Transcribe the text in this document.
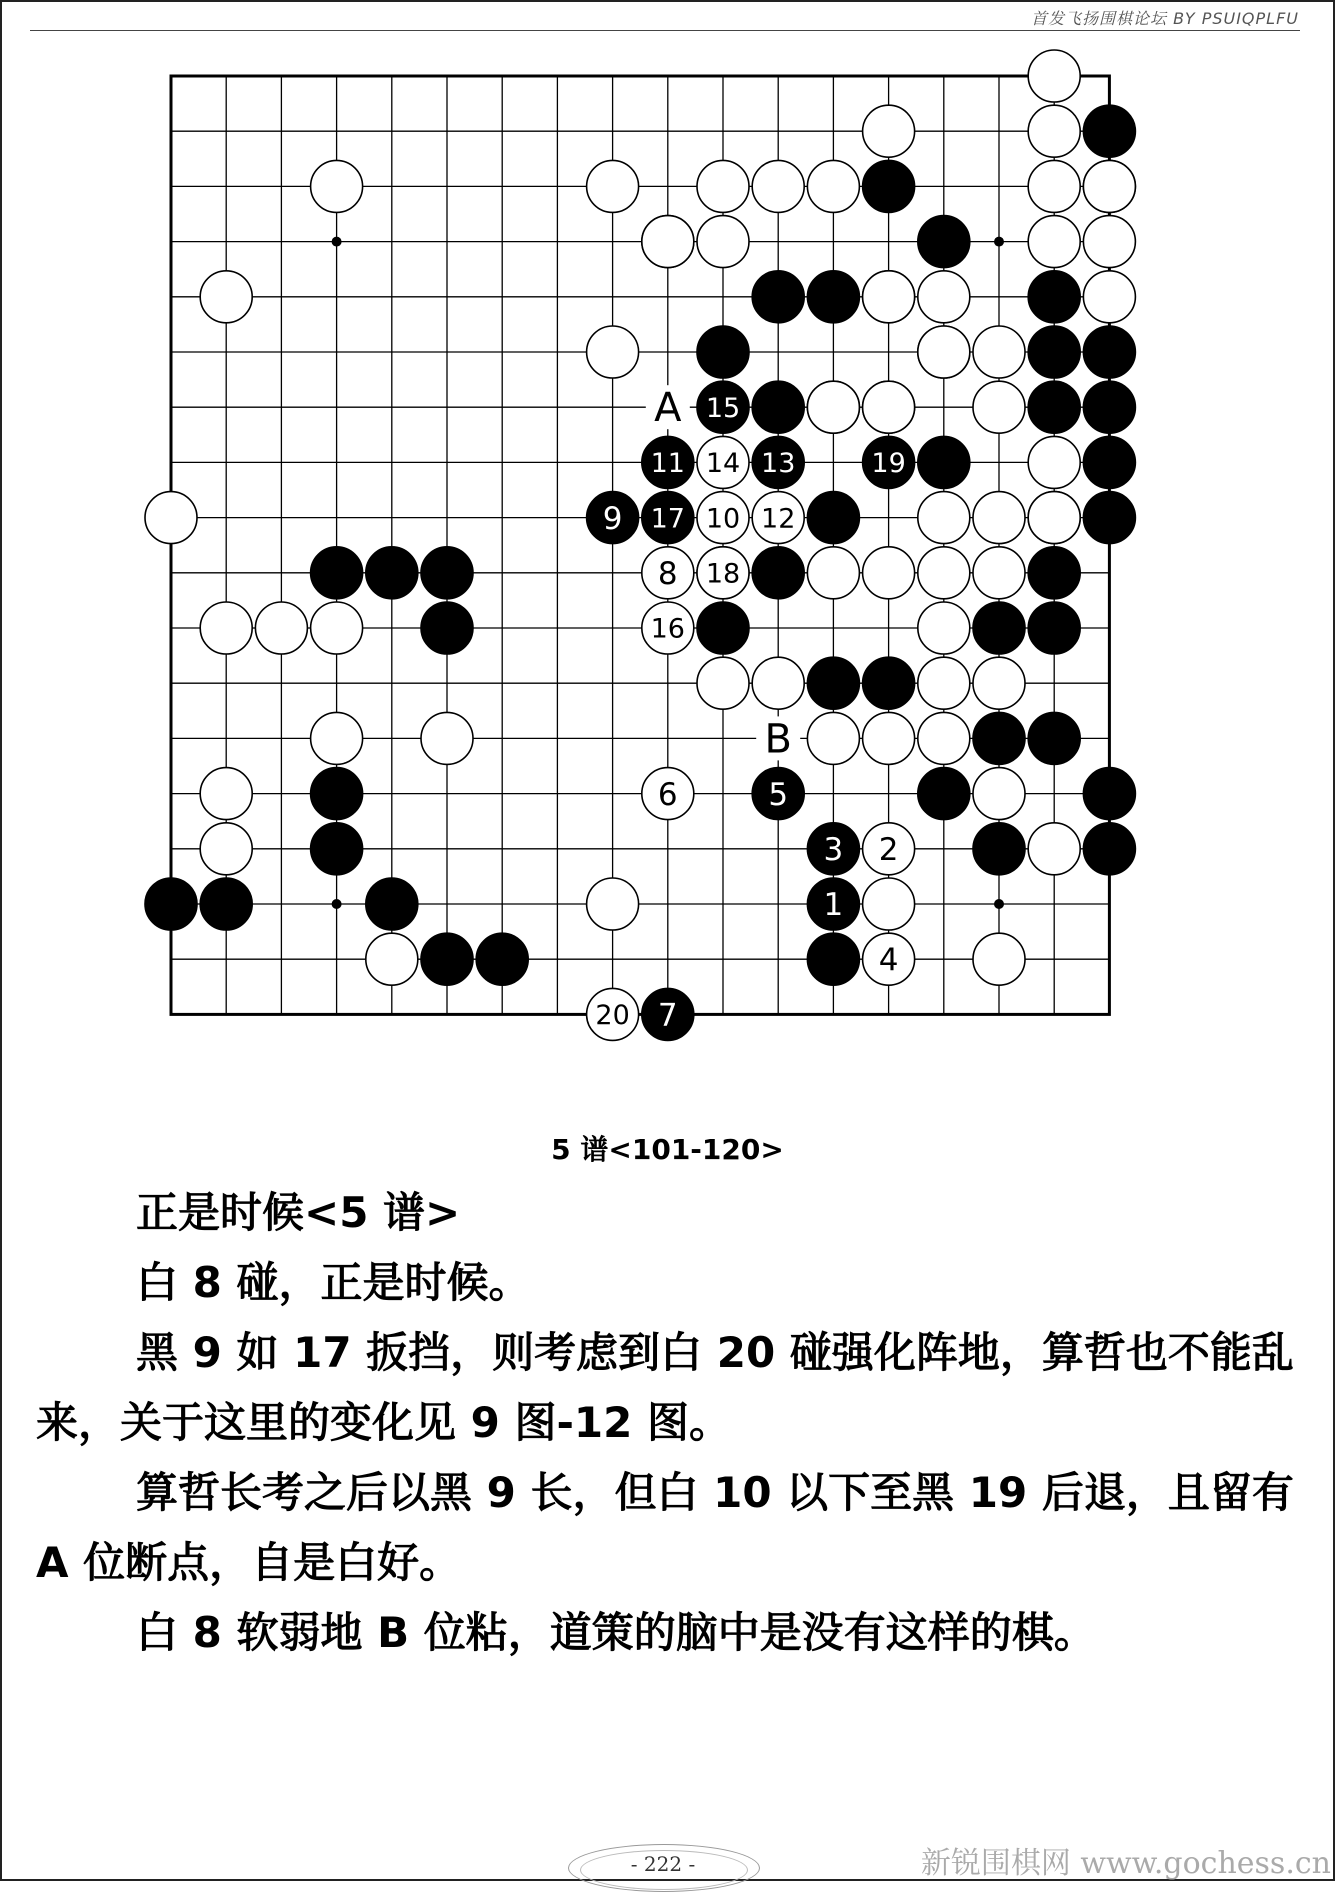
首发飞扬围棋论坛 BY PSUIQPLFU
A
B
1
2
3
4
5
6
7
8
9	10
11
12
13
14
15
16
17
18
19
20
5 谱<101-120>

正是时候<5 谱>

白 8 碰，正是时候。

黑 9 如 17 扳挡，则考虑到白 20 碰强化阵地，算哲也不能乱来，关于这里的变化见 9 图-12 图。

算哲长考之后以黑 9 长，但白 10 以下至黑 19 后退，且留有 A 位断点，自是白好。

白 8 软弱地 B 位粘，道策的脑中是没有这样的棋。

- 222 -	新锐围棋网 www.gochess.cn
